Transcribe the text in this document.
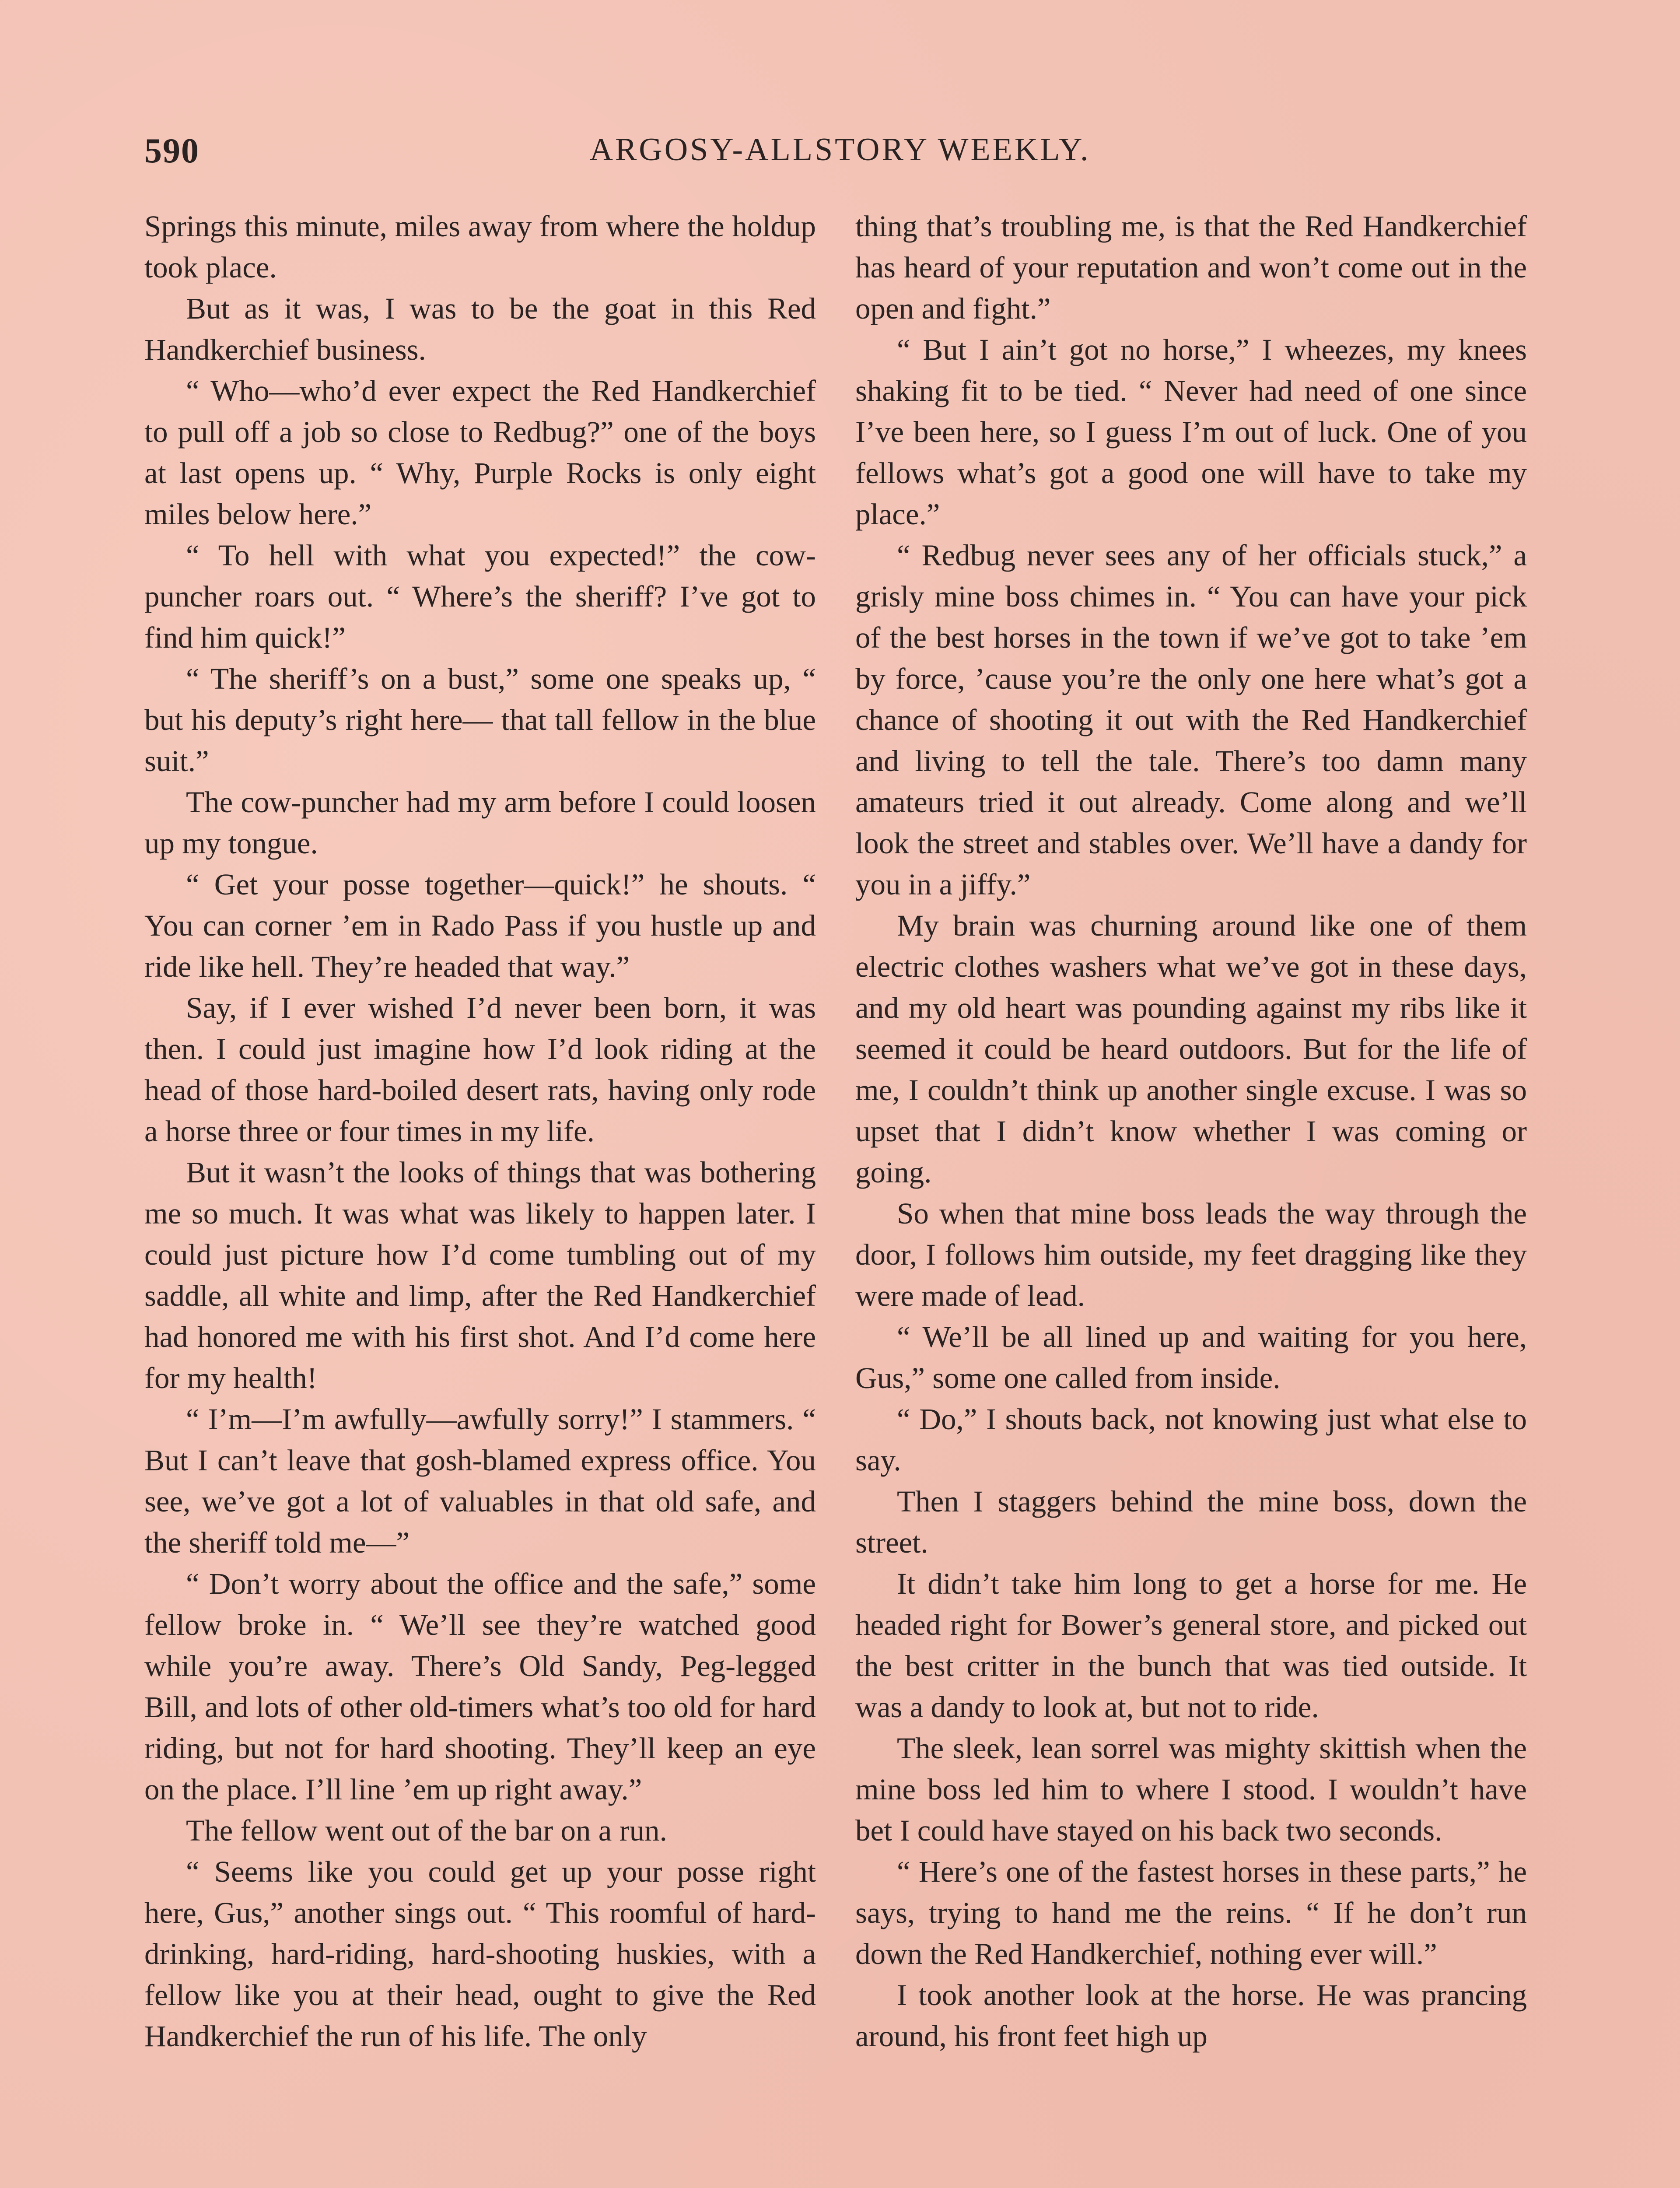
590	ARGOSY-ALLSTORY WEEKLY.

Springs this minute, miles away from where the holdup took place.

But as it was, I was to be the goat in this Red Handkerchief business.

“ Who—who’d ever expect the Red Handkerchief to pull off a job so close to Redbug?” one of the boys at last opens up. “ Why, Purple Rocks is only eight miles below here.”

“ To hell with what you expected!” the cow-puncher roars out. “ Where’s the sheriff? I’ve got to find him quick!”

“ The sheriff’s on a bust,” some one speaks up, “ but his deputy’s right here— that tall fellow in the blue suit.”

The cow-puncher had my arm before I could loosen up my tongue.

“ Get your posse together—quick!” he shouts. “ You can corner ’em in Rado Pass if you hustle up and ride like hell. They’re headed that way.”

Say, if I ever wished I’d never been born, it was then. I could just imagine how I’d look riding at the head of those hard-boiled desert rats, having only rode a horse three or four times in my life.

But it wasn’t the looks of things that was bothering me so much. It was what was likely to happen later. I could just picture how I’d come tumbling out of my saddle, all white and limp, after the Red Handkerchief had honored me with his first shot. And I’d come here for my health!

“ I’m—I’m awfully—awfully sorry!” I stammers. “ But I can’t leave that gosh-blamed express office. You see, we’ve got a lot of valuables in that old safe, and the sheriff told me—”

“ Don’t worry about the office and the safe,” some fellow broke in. “ We’ll see they’re watched good while you’re away. There’s Old Sandy, Peg-legged Bill, and lots of other old-timers what’s too old for hard riding, but not for hard shooting. They’ll keep an eye on the place. I’ll line ’em up right away.”

The fellow went out of the bar on a run.

“ Seems like you could get up your posse right here, Gus,” another sings out. “ This roomful of hard-drinking, hard-riding, hard-shooting huskies, with a fellow like you at their head, ought to give the Red Handkerchief the run of his life. The only

thing that’s troubling me, is that the Red Handkerchief has heard of your reputation and won’t come out in the open and fight.”

“ But I ain’t got no horse,” I wheezes, my knees shaking fit to be tied. “ Never had need of one since I’ve been here, so I guess I’m out of luck. One of you fellows what’s got a good one will have to take my place.”

“ Redbug never sees any of her officials stuck,” a grisly mine boss chimes in. “ You can have your pick of the best horses in the town if we’ve got to take ’em by force, ’cause you’re the only one here what’s got a chance of shooting it out with the Red Handkerchief and living to tell the tale. There’s too damn many amateurs tried it out already. Come along and we’ll look the street and stables over. We’ll have a dandy for you in a jiffy.”

My brain was churning around like one of them electric clothes washers what we’ve got in these days, and my old heart was pounding against my ribs like it seemed it could be heard outdoors. But for the life of me, I couldn’t think up another single excuse. I was so upset that I didn’t know whether I was coming or going.

So when that mine boss leads the way through the door, I follows him outside, my feet dragging like they were made of lead.

“ We’ll be all lined up and waiting for you here, Gus,” some one called from inside.

“ Do,” I shouts back, not knowing just what else to say.

Then I staggers behind the mine boss, down the street.

It didn’t take him long to get a horse for me. He headed right for Bower’s general store, and picked out the best critter in the bunch that was tied outside. It was a dandy to look at, but not to ride.

The sleek, lean sorrel was mighty skittish when the mine boss led him to where I stood. I wouldn’t have bet I could have stayed on his back two seconds.

“ Here’s one of the fastest horses in these parts,” he says, trying to hand me the reins. “ If he don’t run down the Red Handkerchief, nothing ever will.”

I took another look at the horse. He was prancing around, his front feet high up
